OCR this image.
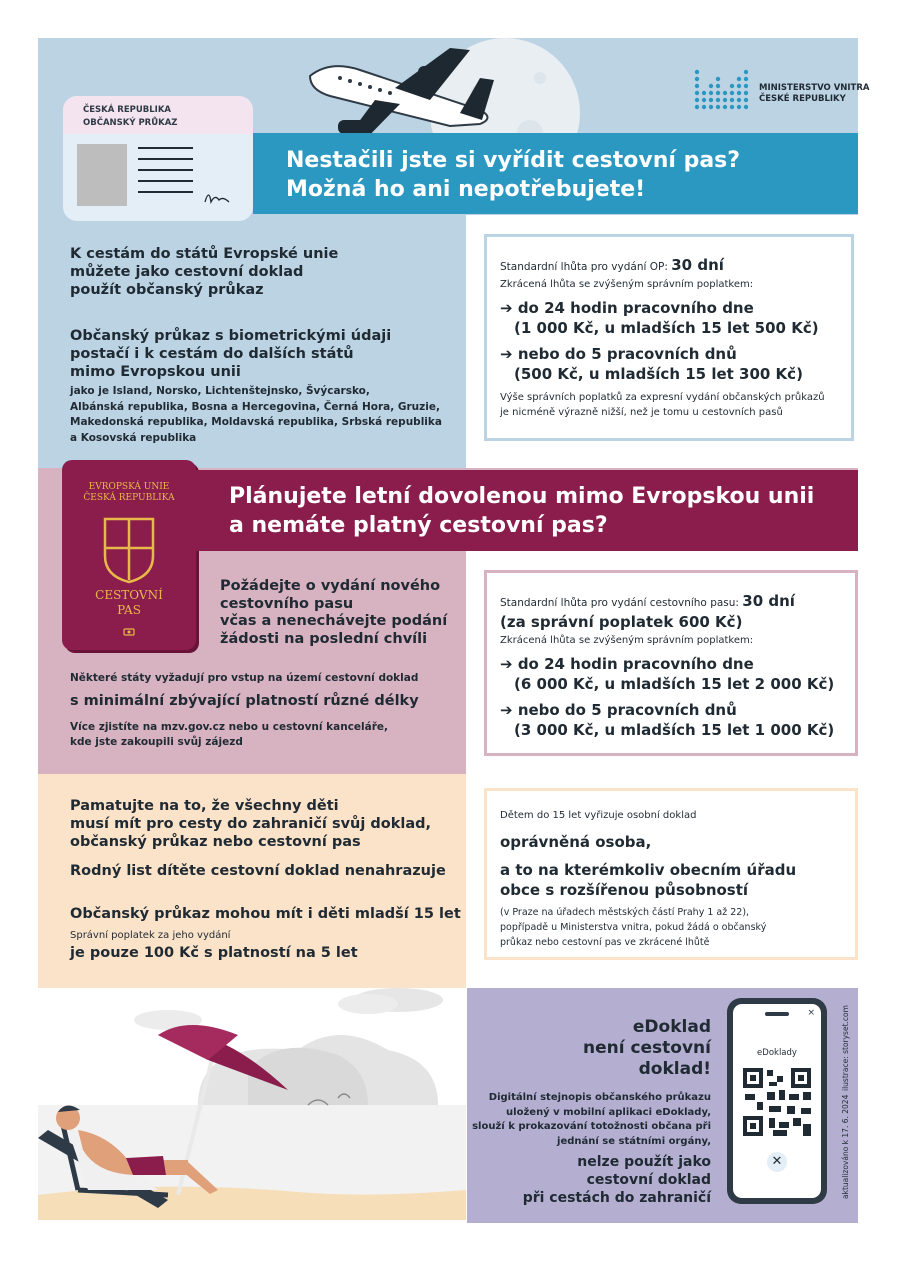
MINISTERSTVO VNITRA
ČESKÉ REPUBLIKY
ČESKÁ REPUBLIKA
OBČANSKÝ PRŮKAZ
Nestačili jste si vyřídit cestovní pas?
Možná ho ani nepotřebujete!
K cestám do států Evropské unie
můžete jako cestovní doklad
použít občanský průkaz
Občanský průkaz s biometrickými údaji
postačí i k cestám do dalších států
mimo Evropskou unii
jako je Island, Norsko, Lichtenštejnsko, Švýcarsko,
Albánská republika, Bosna a Hercegovina, Černá Hora, Gruzie,
Makedonská republika, Moldavská republika, Srbská republika
a Kosovská republika
Standardní lhůta pro vydání OP: 30 dní
Zkrácená lhůta se zvýšeným správním poplatkem:
➔ do 24 hodin pracovního dne
(1 000 Kč, u mladších 15 let 500 Kč)
➔ nebo do 5 pracovních dnů
(500 Kč, u mladších 15 let 300 Kč)
Výše správních poplatků za expresní vydání občanských průkazů
je nicméně výrazně nižší, než je tomu u cestovních pasů
EVROPSKÁ UNIE
ČESKÁ REPUBLIKA
CESTOVNÍ
PAS
Plánujete letní dovolenou mimo Evropskou unii
a nemáte platný cestovní pas?
Požádejte o vydání nového
cestovního pasu
včas a nenechávejte podání
žádosti na poslední chvíli
Některé státy vyžadují pro vstup na území cestovní doklad
s minimální zbývající platností různé délky
Více zjistíte na mzv.gov.cz nebo u cestovní kanceláře,
kde jste zakoupili svůj zájezd
Standardní lhůta pro vydání cestovního pasu: 30 dní
(za správní poplatek 600 Kč)
Zkrácená lhůta se zvýšeným správním poplatkem:
➔ do 24 hodin pracovního dne
(6 000 Kč, u mladších 15 let 2 000 Kč)
➔ nebo do 5 pracovních dnů
(3 000 Kč, u mladších 15 let 1 000 Kč)
Pamatujte na to, že všechny děti
musí mít pro cesty do zahraničí svůj doklad,
občanský průkaz nebo cestovní pas
Rodný list dítěte cestovní doklad nenahrazuje
Občanský průkaz mohou mít i děti mladší 15 let
Správní poplatek za jeho vydání
je pouze 100 Kč s platností na 5 let
Dětem do 15 let vyřizuje osobní doklad
oprávněná osoba,
a to na kterémkoliv obecním úřadu
obce s rozšířenou působností
(v Praze na úřadech městských částí Prahy 1 až 22),
popřípadě u Ministerstva vnitra, pokud žádá o občanský
průkaz nebo cestovní pas ve zkrácené lhůtě
eDoklad
není cestovní
doklad!
Digitální stejnopis občanského průkazu
uložený v mobilní aplikaci eDoklady,
slouží k prokazování totožnosti občana při
jednání se státními orgány,
nelze použít jako
cestovní doklad
při cestách do zahraničí
×
eDoklady
✕	aktualizováno k 17. 6. 2024
ilustrace: storyset.com
